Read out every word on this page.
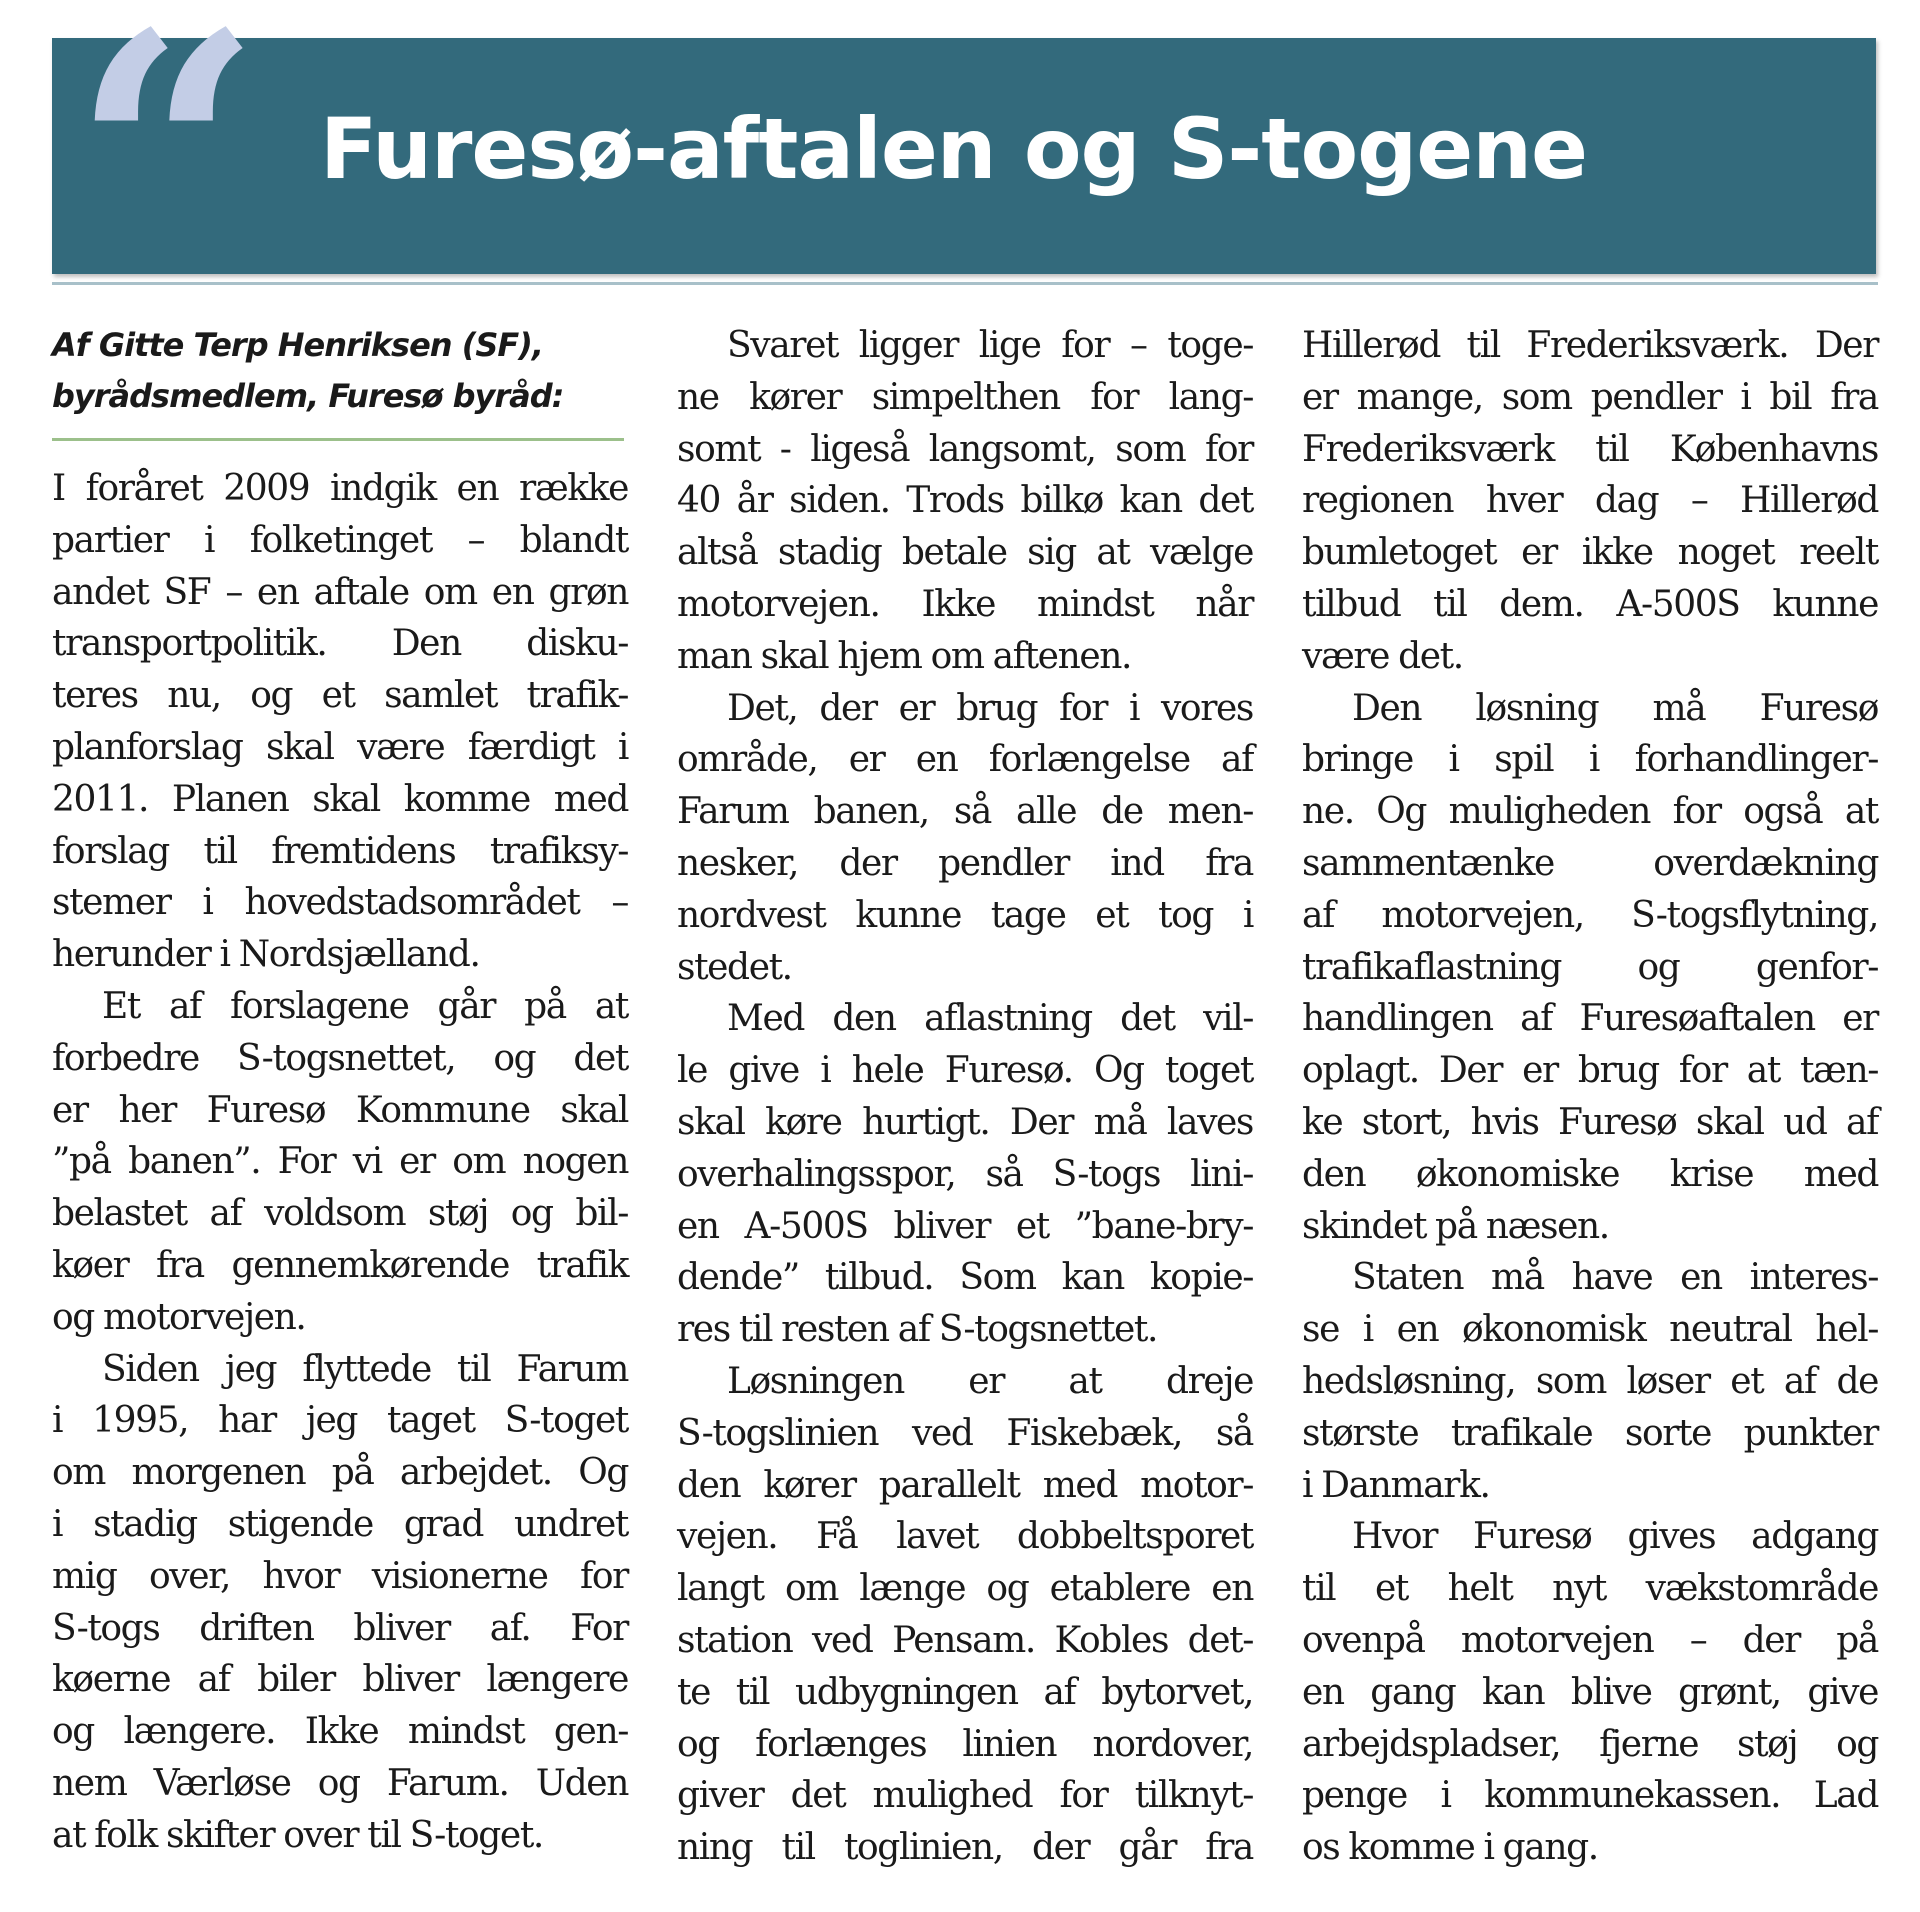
“ Furesø-aftalen og S-togene
Af Gitte Terp Henriksen (SF),
byrådsmedlem, Furesø byråd:
I foråret 2009 indgik en række
partier i folketinget – blandt
andet SF – en aftale om en grøn
transportpolitik. Den disku-
teres nu, og et samlet trafik-
planforslag skal være færdigt i
2011. Planen skal komme med
forslag til fremtidens trafiksy-
stemer i hovedstadsområdet –
herunder i Nordsjælland.
Et af forslagene går på at
forbedre S-togsnettet, og det
er her Furesø Kommune skal
”på banen”. For vi er om nogen
belastet af voldsom støj og bil-
køer fra gennemkørende trafik
og motorvejen.
Siden jeg flyttede til Farum
i 1995, har jeg taget S-toget
om morgenen på arbejdet. Og
i stadig stigende grad undret
mig over, hvor visionerne for
S-togs driften bliver af. For
køerne af biler bliver længere
og længere. Ikke mindst gen-
nem Værløse og Farum. Uden
at folk skifter over til S-toget.
Svaret ligger lige for – toge-
ne kører simpelthen for lang-
somt - ligeså langsomt, som for
40 år siden. Trods bilkø kan det
altså stadig betale sig at vælge
motorvejen. Ikke mindst når
man skal hjem om aftenen.
Det, der er brug for i vores
område, er en forlængelse af
Farum banen, så alle de men-
nesker, der pendler ind fra
nordvest kunne tage et tog i
stedet.
Med den aflastning det vil-
le give i hele Furesø. Og toget
skal køre hurtigt. Der må laves
overhalingsspor, så S-togs lini-
en A-500S bliver et ”bane-bry-
dende” tilbud. Som kan kopie-
res til resten af S-togsnettet.
Løsningen er at dreje
S-togslinien ved Fiskebæk, så
den kører parallelt med motor-
vejen. Få lavet dobbeltsporet
langt om længe og etablere en
station ved Pensam. Kobles det-
te til udbygningen af bytorvet,
og forlænges linien nordover,
giver det mulighed for tilknyt-
ning til toglinien, der går fra
Hillerød til Frederiksværk. Der
er mange, som pendler i bil fra
Frederiksværk til Københavns
regionen hver dag – Hillerød
bumletoget er ikke noget reelt
tilbud til dem. A-500S kunne
være det.
Den løsning må Furesø
bringe i spil i forhandlinger-
ne. Og muligheden for også at
sammentænke overdækning
af motorvejen, S-togsflytning,
trafikaflastning og genfor-
handlingen af Furesøaftalen er
oplagt. Der er brug for at tæn-
ke stort, hvis Furesø skal ud af
den økonomiske krise med
skindet på næsen.
Staten må have en interes-
se i en økonomisk neutral hel-
hedsløsning, som løser et af de
største trafikale sorte punkter
i Danmark.
Hvor Furesø gives adgang
til et helt nyt vækstområde
ovenpå motorvejen – der på
en gang kan blive grønt, give
arbejdspladser, fjerne støj og
penge i kommunekassen. Lad
os komme i gang.
